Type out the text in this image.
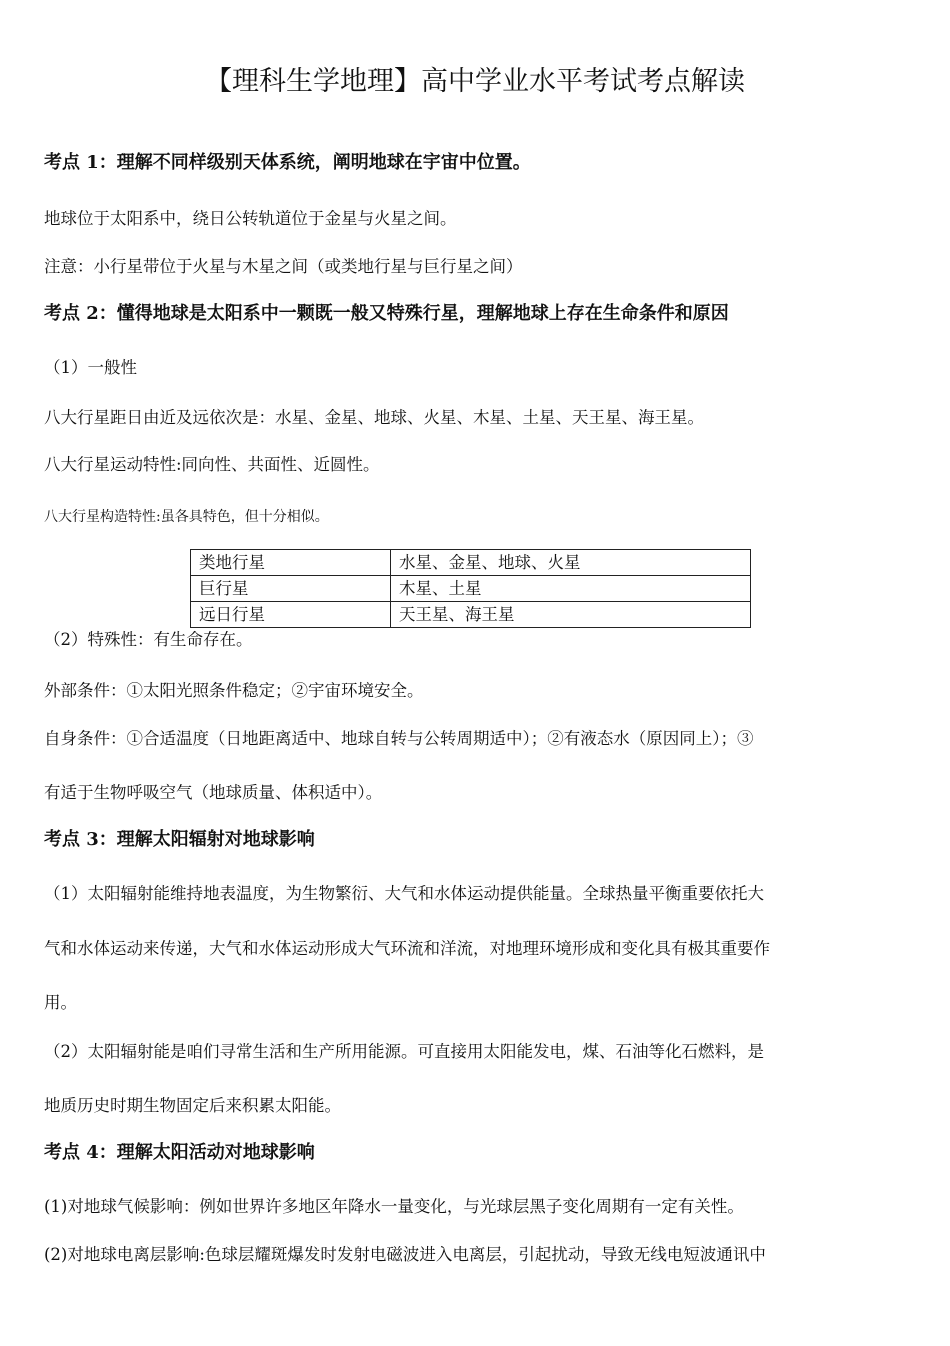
【理科生学地理】高中学业水平考试考点解读
考点 1：理解不同样级别天体系统，阐明地球在宇宙中位置。
地球位于太阳系中，绕日公转轨道位于金星与火星之间。
注意：小行星带位于火星与木星之间（或类地行星与巨行星之间）
考点 2：懂得地球是太阳系中一颗既一般又特殊行星，理解地球上存在生命条件和原因
（1）一般性
八大行星距日由近及远依次是：水星、金星、地球、火星、木星、土星、天王星、海王星。
八大行星运动特性:同向性、共面性、近圆性。
八大行星构造特性:虽各具特色，但十分相似。
类地行星	水星、金星、地球、火星
巨行星	木星、土星
远日行星	天王星、海王星
（2）特殊性：有生命存在。
外部条件：①太阳光照条件稳定；②宇宙环境安全。
自身条件：①合适温度（日地距离适中、地球自转与公转周期适中）；②有液态水（原因同上）；③
有适于生物呼吸空气（地球质量、体积适中）。
考点 3：理解太阳辐射对地球影响
（1）太阳辐射能维持地表温度，为生物繁衍、大气和水体运动提供能量。全球热量平衡重要依托大
气和水体运动来传递，大气和水体运动形成大气环流和洋流，对地理环境形成和变化具有极其重要作
用。
（2）太阳辐射能是咱们寻常生活和生产所用能源。可直接用太阳能发电，煤、石油等化石燃料，是
地质历史时期生物固定后来积累太阳能。
考点 4：理解太阳活动对地球影响
(1)对地球气候影响：例如世界许多地区年降水一量变化，与光球层黑子变化周期有一定有关性。
(2)对地球电离层影响:色球层耀斑爆发时发射电磁波进入电离层，引起扰动，导致无线电短波通讯中
